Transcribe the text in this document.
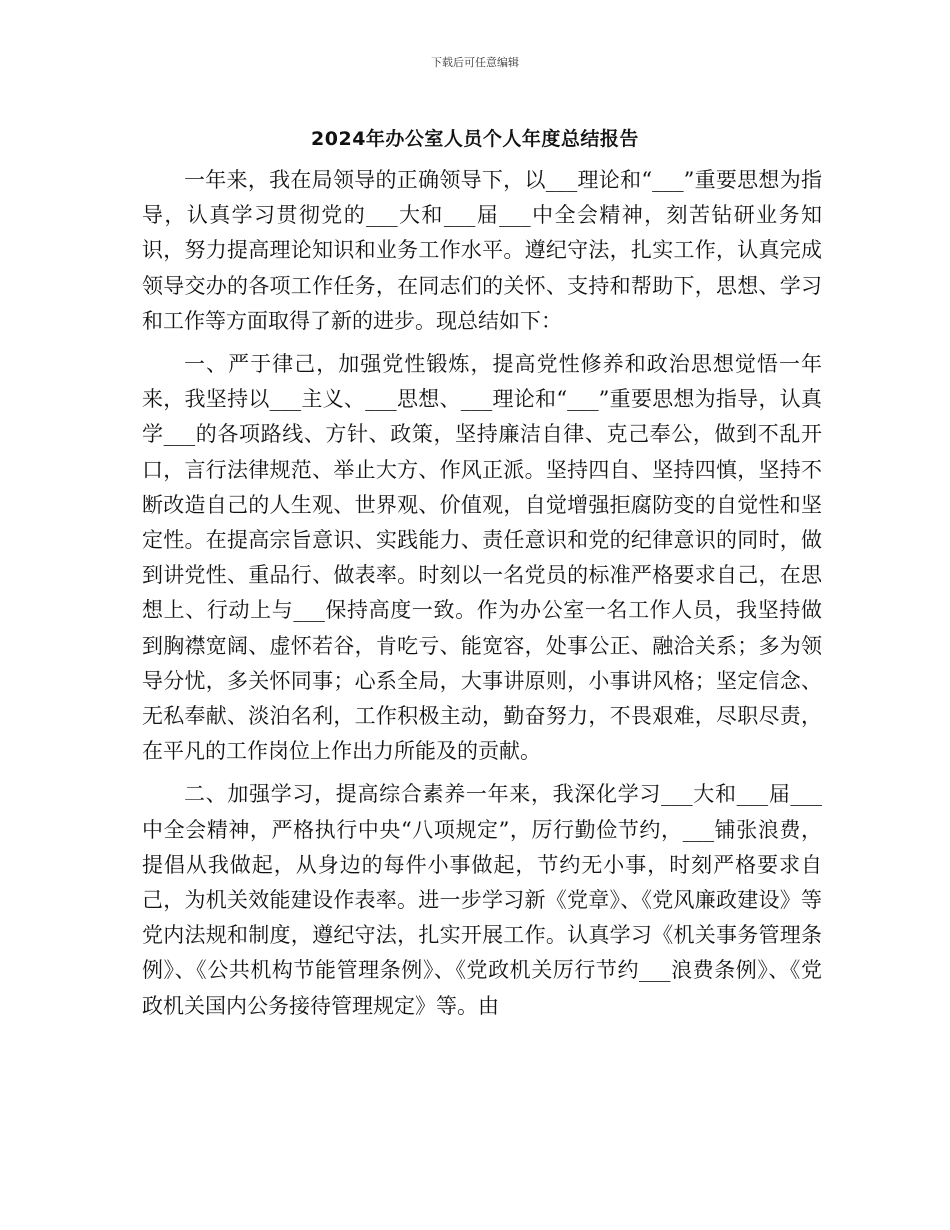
下载后可任意编辑
2024年办公室人员个人年度总结报告

一年来，我在局领导的正确领导下，以___理论和“___”重要思想为指导，认真学习贯彻党的___大和___届___中全会精神，刻苦钻研业务知识，努力提高理论知识和业务工作水平。遵纪守法，扎实工作，认真完成领导交办的各项工作任务，在同志们的关怀、支持和帮助下，思想、学习和工作等方面取得了新的进步。现总结如下：

一、严于律己，加强党性锻炼，提高党性修养和政治思想觉悟一年来，我坚持以___主义、___思想、___理论和“___”重要思想为指导，认真学___的各项路线、方针、政策，坚持廉洁自律、克己奉公，做到不乱开口，言行法律规范、举止大方、作风正派。坚持四自、坚持四慎，坚持不断改造自己的人生观、世界观、价值观，自觉增强拒腐防变的自觉性和坚定性。在提高宗旨意识、实践能力、责任意识和党的纪律意识的同时，做到讲党性、重品行、做表率。时刻以一名党员的标准严格要求自己，在思想上、行动上与___保持高度一致。作为办公室一名工作人员，我坚持做到胸襟宽阔、虚怀若谷，肯吃亏、能宽容，处事公正、融洽关系；多为领导分忧，多关怀同事；心系全局，大事讲原则，小事讲风格；坚定信念、无私奉献、淡泊名利，工作积极主动，勤奋努力，不畏艰难，尽职尽责，在平凡的工作岗位上作出力所能及的贡献。

二、加强学习，提高综合素养一年来，我深化学习___大和___届___中全会精神，严格执行中央“八项规定”，厉行勤俭节约，___铺张浪费，提倡从我做起，从身边的每件小事做起，节约无小事，时刻严格要求自己，为机关效能建设作表率。进一步学习新《党章》、《党风廉政建设》等党内法规和制度，遵纪守法，扎实开展工作。认真学习《机关事务管理条例》、《公共机构节能管理条例》、《党政机关厉行节约___浪费条例》、《党政机关国内公务接待管理规定》等。由
